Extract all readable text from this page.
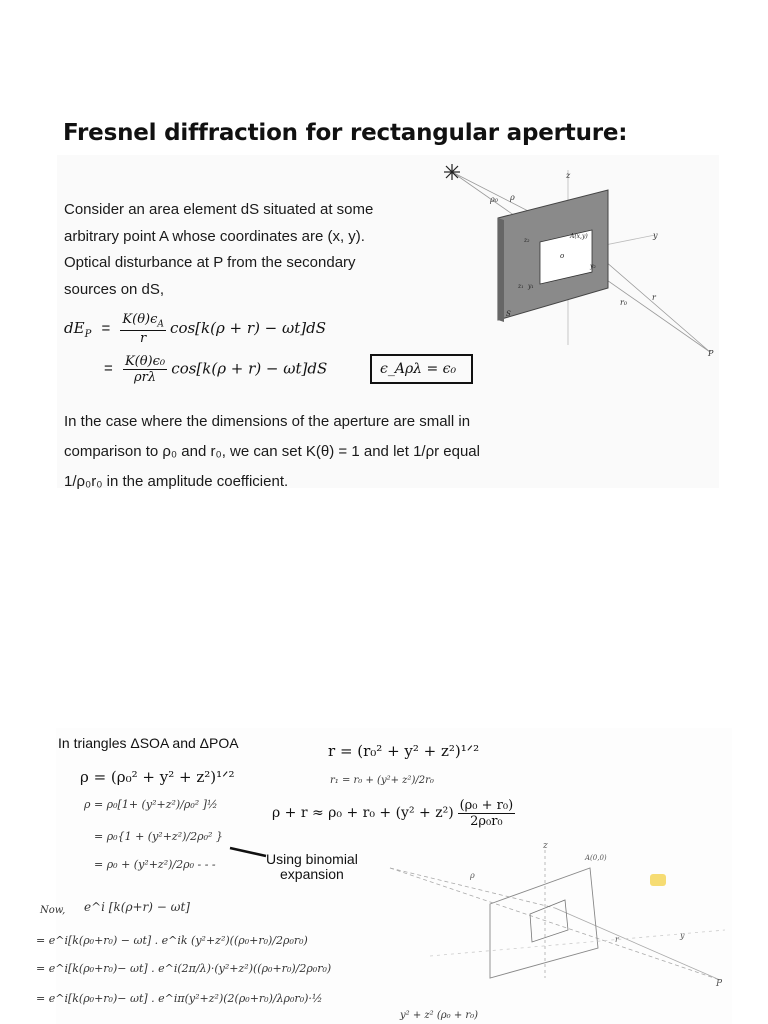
Fresnel diffraction for rectangular aperture:
Consider an area element dS situated at some
arbitrary point A whose coordinates are (x, y).
Optical disturbance at P from the secondary
sources on dS,
$dE_P = \frac{K(\theta)\epsilon_A}{r} \cos[k(\rho + r) - \omega t]dS$
= $\frac{\text{K(θ)ϵ₀}}{\text{ρrλ}} \cos[k(\rho + r) - \omega t]dS$	ϵ_Aρλ = ϵ₀
In the case where the dimensions of the aperture are small in
comparison to ρ₀ and r₀, we can set K(θ) = 1 and let 1/ρr equal
1/ρ₀r₀ in the amplitude coefficient.
z
y
ρ₀ ρ
o
A(x,y)
z₂
z₁ y₁
y₂
S
r₀
r
P
In triangles ΔSOA and ΔPOA	r = (r₀² + y² + z²)¹ᐟ²
ρ = (ρ₀² + y² + z²)¹ᐟ²	r₁ = r₀ + (y²+ z²)/2r₀
ρ = ρ₀[1+ (y²+z²)/ρ₀² ]½
= ρ₀{1 + (y²+z²)/2ρ₀² }
= ρ₀ + (y²+z²)/2ρ₀ - - -
$\rho + r \approx \rho_0 + r_0 + (y^2 + z^2) \frac{\text{(ρ₀ + r₀)}}{\text{2ρ₀r₀}}$
Using binomial
expansion
Now, e^i [k(ρ+r) − ωt]
= e^i[k(ρ₀+r₀) − ωt] . e^ik (y²+z²)((ρ₀+r₀)/2ρ₀r₀)
= e^i[k(ρ₀+r₀)− ωt] . e^i(2π/λ)·(y²+z²)((ρ₀+r₀)/2ρ₀r₀)
= e^i[k(ρ₀+r₀)− ωt] . e^iπ(y²+z²)(2(ρ₀+r₀)/λρ₀r₀)·½
y² + z² (ρ₀ + r₀)
z
A(0,0)
ρ
r
P
y
